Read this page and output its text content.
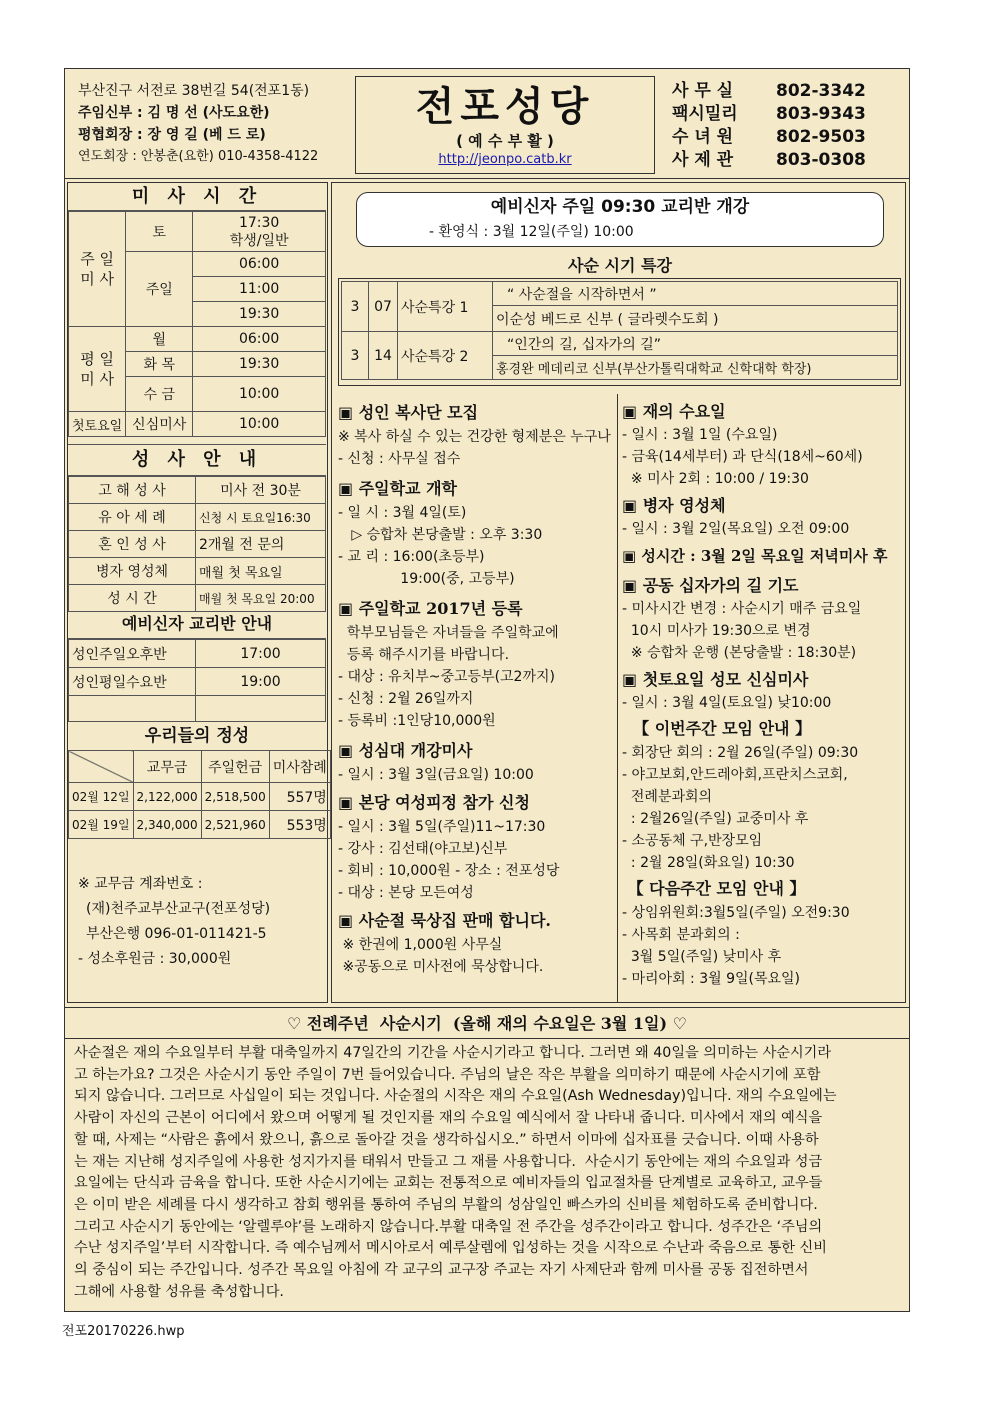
부산진구 서전로 38번길 54(전포1동)
주임신부 : 김 명 선 (사도요한)
평협회장 : 장 영 길 (베 드 로)
연도회장 : 안봉춘(요한) 010-4358-4122
전포성당
( 예 수 부 활 )
http://jeonpo.catb.kr
사 무 실	802-3342
팩시밀리 803-9343
수 녀 원	802-9503
사 제 관	803-0308
미 사 시 간
주 일 미 사	토	17:30
학생/일반

	주일	06:00
		11:00
		19:30
평 일 미 사	월	06:00
	화 목	19:30
	수 금	10:00
첫토요일	신심미사	10:00
성 사 안 내
고 해 성 사	미사 전 30분
유 아 세 례	신청 시 토요일16:30
혼 인 성 사	2개월 전 문의
병자 영성체	매월 첫 목요일
성 시 간	매월 첫 목요일 20:00
예비신자 교리반 안내
성인주일오후반	17:00
성인평일수요반	19:00

우리들의 정성
	교무금	주일헌금	미사참례
02월 12일	2,122,000	2,518,500	557명
02월 19일	2,340,000	2,521,960	553명
※ 교무금 계좌번호 :
(재)천주교부산교구(전포성당)
부산은행 096-01-011421-5
- 성소후원금 : 30,000원
예비신자 주일 09:30 교리반 개강
- 환영식 : 3월 12일(주일) 10:00
사순 시기 특강
3	07	사순특강 1	“ 사순절을 시작하면서 ”
			이순성 베드로 신부 ( 글라렛수도회 )
3	14	사순특강 2	“인간의 길, 십자가의 길”
			홍경완 메데리코 신부(부산가톨릭대학교 신학대학 학장)
▣ 성인 복사단 모집
※ 복사 하실 수 있는 건강한 형제분은 누구나
- 신청 : 사무실 접수
▣ 주일학교 개학
- 일 시 : 3월 4일(토)
▷ 승합차 본당출발 : 오후 3:30
- 교 리 : 16:00(초등부)
19:00(중, 고등부)
▣ 주일학교 2017년 등록
학부모님들은 자녀들을 주일학교에
등록 해주시기를 바랍니다.
- 대상 : 유치부~중고등부(고2까지)
- 신청 : 2월 26일까지
- 등록비 :1인당10,000원
▣ 성심대 개강미사
- 일시 : 3월 3일(금요일) 10:00
▣ 본당 여성피정 참가 신청
- 일시 : 3월 5일(주일)11~17:30
- 강사 : 김선태(야고보)신부
- 회비 : 10,000원 - 장소 : 전포성당
- 대상 : 본당 모든여성
▣ 사순절 묵상집 판매 합니다.
※ 한권에 1,000원 사무실
※공동으로 미사전에 묵상합니다.
▣ 재의 수요일
- 일시 : 3월 1일 (수요일)
- 금육(14세부터) 과 단식(18세~60세)
※ 미사 2회 : 10:00 / 19:30
▣ 병자 영성체
- 일시 : 3월 2일(목요일) 오전 09:00
▣ 성시간 : 3월 2일 목요일 저녁미사 후
▣ 공동 십자가의 길 기도
- 미사시간 변경 : 사순시기 매주 금요일
10시 미사가 19:30으로 변경
※ 승합차 운행 (본당출발 : 18:30분)
▣ 첫토요일 성모 신심미사
- 일시 : 3월 4일(토요일) 낮10:00
【 이번주간 모임 안내 】
- 회장단 회의 : 2월 26일(주일) 09:30
- 야고보회,안드레아회,프란치스코회,
전례분과회의
: 2월26일(주일) 교중미사 후
- 소공동체 구,반장모임
: 2월 28일(화요일) 10:30
【 다음주간 모임 안내 】
- 상임위원회:3월5일(주일) 오전9:30
- 사목회 분과회의 :
3월 5일(주일) 낮미사 후
- 마리아회 : 3월 9일(목요일)
♡ 전례주년  사순시기  (올해 재의 수요일은 3월 1일) ♡
사순절은 재의 수요일부터 부활 대축일까지 47일간의 기간을 사순시기라고 합니다. 그러면 왜 40일을 의미하는 사순시기라
고 하는가요? 그것은 사순시기 동안 주일이 7번 들어있습니다. 주님의 날은 작은 부활을 의미하기 때문에 사순시기에 포함
되지 않습니다. 그러므로 사십일이 되는 것입니다. 사순절의 시작은 재의 수요일(Ash Wednesday)입니다. 재의 수요일에는
사람이 자신의 근본이 어디에서 왔으며 어떻게 될 것인지를 재의 수요일 예식에서 잘 나타내 줍니다. 미사에서 재의 예식을
할 때, 사제는 “사람은 흙에서 왔으니, 흙으로 돌아갈 것을 생각하십시오.” 하면서 이마에 십자표를 긋습니다. 이때 사용하
는 재는 지난해 성지주일에 사용한 성지가지를 태워서 만들고 그 재를 사용합니다.  사순시기 동안에는 재의 수요일과 성금
요일에는 단식과 금육을 합니다. 또한 사순시기에는 교회는 전통적으로 예비자들의 입교절차를 단계별로 교육하고, 교우들
은 이미 받은 세례를 다시 생각하고 참회 행위를 통하여 주님의 부활의 성삼일인 빠스카의 신비를 체험하도록 준비합니다.
그리고 사순시기 동안에는 ‘알렐루야’를 노래하지 않습니다.부활 대축일 전 주간을 성주간이라고 합니다. 성주간은 ‘주님의
수난 성지주일’부터 시작합니다. 즉 예수님께서 메시아로서 예루살렘에 입성하는 것을 시작으로 수난과 죽음으로 통한 신비
의 중심이 되는 주간입니다. 성주간 목요일 아침에 각 교구의 교구장 주교는 자기 사제단과 함께 미사를 공동 집전하면서
그해에 사용할 성유를 축성합니다.
전포20170226.hwp
